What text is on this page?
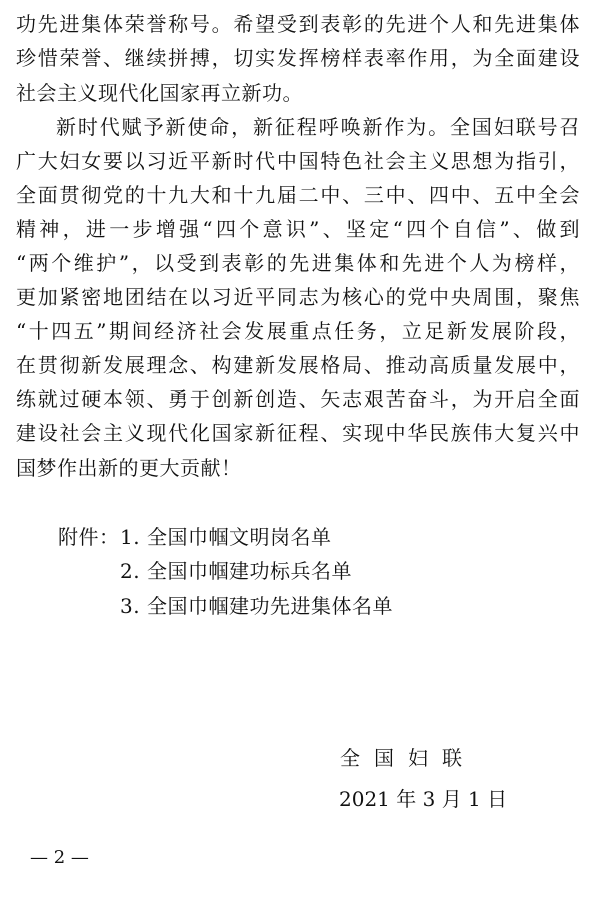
功先进集体荣誉称号。希望受到表彰的先进个人和先进集体
珍惜荣誉、继续拼搏，切实发挥榜样表率作用，为全面建设
社会主义现代化国家再立新功。
新时代赋予新使命，新征程呼唤新作为。全国妇联号召
广大妇女要以习近平新时代中国特色社会主义思想为指引，
全面贯彻党的十九大和十九届二中、三中、四中、五中全会
精神，进一步增强“四个意识”、坚定“四个自信”、做到
“两个维护”，以受到表彰的先进集体和先进个人为榜样，
更加紧密地团结在以习近平同志为核心的党中央周围，聚焦
“十四五”期间经济社会发展重点任务，立足新发展阶段，
在贯彻新发展理念、构建新发展格局、推动高质量发展中，
练就过硬本领、勇于创新创造、矢志艰苦奋斗，为开启全面
建设社会主义现代化国家新征程、实现中华民族伟大复兴中
国梦作出新的更大贡献！
附件： 1. 全国巾帼文明岗名单
2. 全国巾帼建功标兵名单
3. 全国巾帼建功先进集体名单
全国妇联
2021 年 3 月 1 日
— 2 —
